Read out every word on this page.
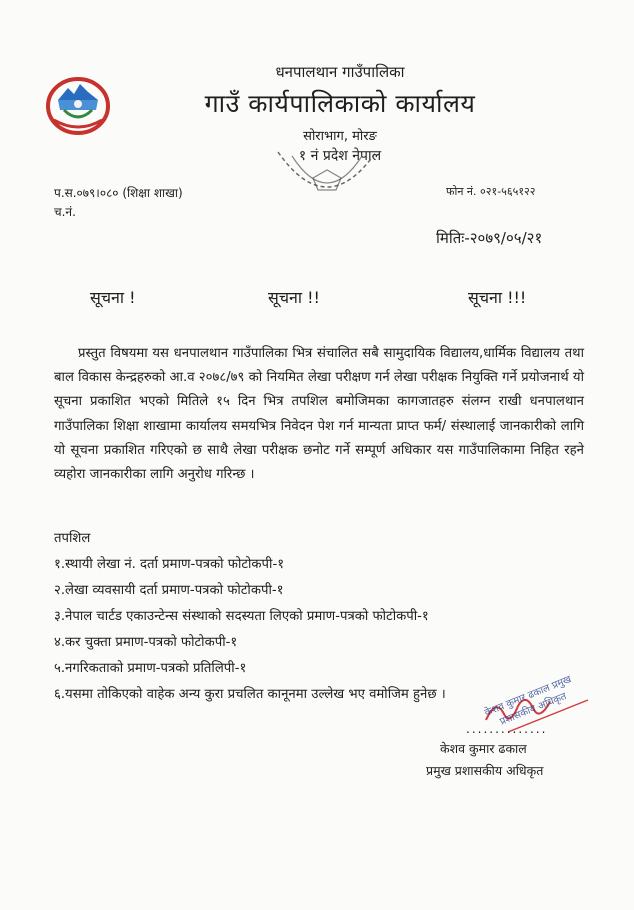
धनपालथान गाउँपालिका
गाउँ कार्यपालिकाको कार्यालय
सोराभाग, मोरङ
१ नं प्रदेश नेपाल
प.स.०७९।०८० (शिक्षा शाखा)
च.नं.
फोन नं. ०२१-५६५१२२
मितिः-२०७९/०५/२१
सूचना !	सूचना !!	सूचना !!!
प्रस्तुत विषयमा यस धनपालथान गाउँपालिका भित्र संचालित सबै सामुदायिक विद्यालय,धार्मिक विद्यालय तथा बाल विकास केन्द्रहरुको आ.व २०७८/७९ को नियमित लेखा परीक्षण गर्न लेखा परीक्षक नियुक्ति गर्ने प्रयोजनार्थ यो सूचना प्रकाशित भएको मितिले १५ दिन भित्र तपशिल बमोजिमका कागजातहरु संलग्न राखी धनपालथान गाउँपालिका शिक्षा शाखामा कार्यालय समयभित्र निवेदन पेश गर्न मान्यता प्राप्त फर्म/ संस्थालाई जानकारीको लागि यो सूचना प्रकाशित गरिएको छ साथै लेखा परीक्षक छनोट गर्ने सम्पूर्ण अधिकार यस गाउँपालिकामा निहित रहने व्यहोरा जानकारीका लागि अनुरोध गरिन्छ ।
तपशिल
१.स्थायी लेखा नं. दर्ता प्रमाण-पत्रको फोटोकपी-१
२.लेखा व्यवसायी दर्ता प्रमाण-पत्रको फोटोकपी-१
३.नेपाल चार्टड एकाउन्टेन्स संस्थाको सदस्यता लिएको प्रमाण-पत्रको फोटोकपी-१
४.कर चुक्ता प्रमाण-पत्रको फोटोकपी-१
५.नगरिकताको प्रमाण-पत्रको प्रतिलिपी-१
६.यसमा तोकिएको वाहेक अन्य कुरा प्रचलित कानूनमा उल्लेख भए वमोजिम हुनेछ ।	केशव कुमार ढकाल प्रमुख प्रशासकीय अधिकृत
..............
केशव कुमार ढकाल
प्रमुख प्रशासकीय अधिकृत
